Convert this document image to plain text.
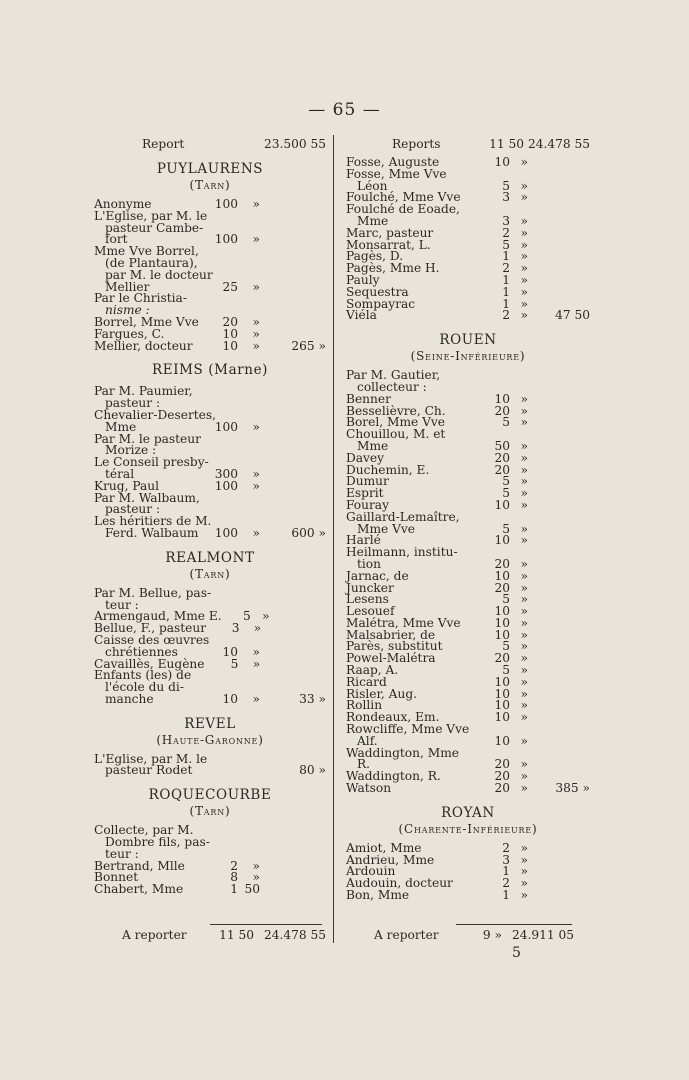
— 65 —
Report	23.500 55
PUYLAURENS
(Tarn)
Anonyme	100	»
L'Eglise, par M. le
pasteur Cambe-
fort	100	»
Mme Vve Borrel,
(de Plantaura),
par M. le docteur
Mellier	25	»
Par le Christia-
nisme :
Borrel, Mme Vve	20	»
Fargues, C.	10	»
Mellier, docteur	10	»	265 »
REIMS (Marne)
Par M. Paumier,
pasteur :
Chevalier-Desertes,
Mme	100	»
Par M. le pasteur
Morize :
Le Conseil presby-
téral	300	»
Krug, Paul	100	»
Par M. Walbaum,
pasteur :
Les héritiers de M.
Ferd. Walbaum	100	»	600 »
REALMONT
(Tarn)
Par M. Bellue, pas-
teur :
Armengaud, Mme E.	5 »
Bellue, F., pasteur	3	»
Caisse des œuvres
chrétiennes	10	»
Cavaillès, Eugène	5	»
Enfants (les) de
l'école du di-
manche	10	»	33 »
REVEL
(Haute-Garonne)
L'Eglise, par M. le
pasteur Rodet	80 »
ROQUECOURBE
(Tarn)
Collecte, par M.
Dombre fils, pas-
teur :
Bertrand, Mlle	2	»
Bonnet	8	»
Chabert, Mme	1 50
Reports	11 50 24.478 55
Fosse, Auguste	10 »
Fosse, Mme Vve
Léon	5 »
Foulché, Mme Vve	3 »
Foulché de Eoade,
Mme	3 »
Marc, pasteur	2 »
Monsarrat, L.	5 »
Pagès, D.	1 »
Pagès, Mme H.	2 »
Pauly	1 »
Sequestra	1 »
Sompayrac	1 »
Viéla	2 »	47 50
ROUEN
(Seine-Inférieure)
Par M. Gautier,
collecteur :
Benner	10 »
Besselièvre, Ch.	20 »
Borel, Mme Vve	5 »
Chouillou, M. et
Mme	50 »
Davey	20 »
Duchemin, E.	20 »
Dumur	5 »
Esprit	5 »
Fouray	10 »
Gaillard-Lemaître,
Mme Vve	5 »
Harlé	10 »
Heilmann, institu-
tion	20 »
Jarnac, de	10 »
Juncker	20 »
Lesens	5 »
Lesouef	10 »
Malétra, Mme Vve	10 »
Malsabrier, de	10 »
Parès, substitut	5 »
Powel-Malétra	20 »
Raap, A.	5 »
Ricard	10 »
Risler, Aug.	10 »
Rollin	10 »
Rondeaux, Em.	10 »
Rowcliffe, Mme Vve
Alf.	10 »
Waddington, Mme
R.	20 »
Waddington, R.	20 »
Watson	20 »	385 »
ROYAN
(Charente-Inférieure)
Amiot, Mme	2 »
Andrieu, Mme	3 »
Ardouin	1 »
Audouin, docteur	2 »
Bon, Mme	1 »
A reporter	11 50 24.478 55	A reporter	9 » 24.911 05
5
